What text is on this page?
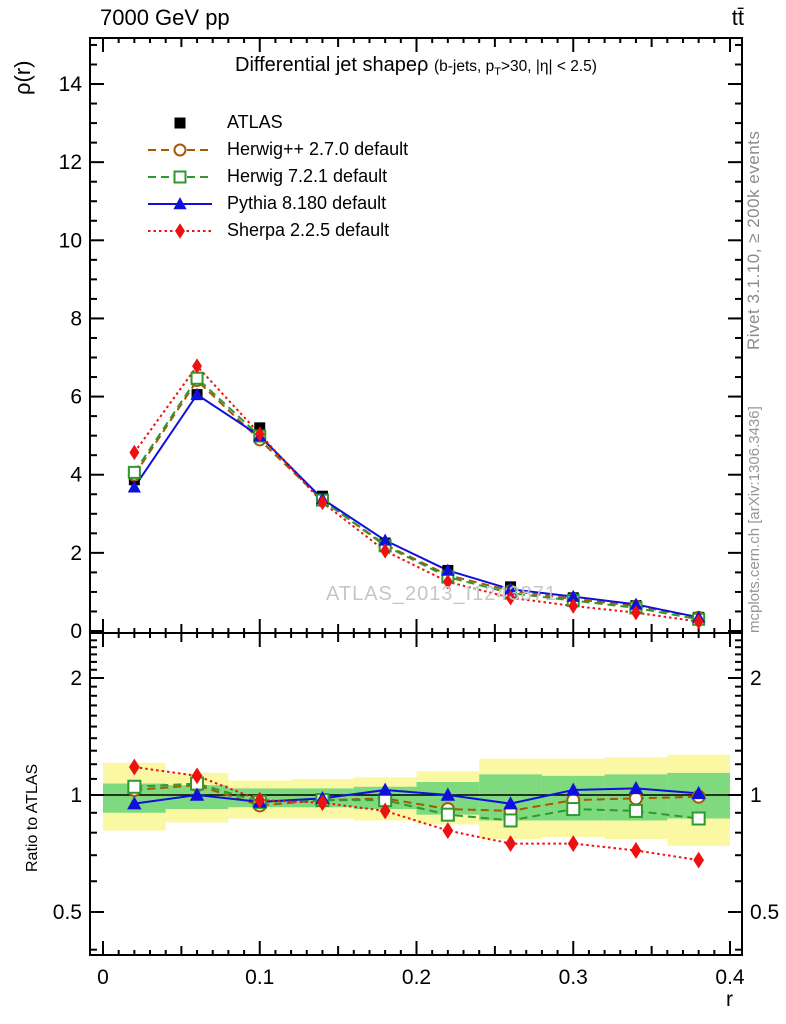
0
2
4
6
8
10
12
14
0.5	0.5
1	1
2	2
0	0.1	0.2	0.3	0.4
7000 GeV pp	tt̄
Differential jet shapeρ (b-jets, $p_T>30$, |η| < 2.5)
ATLAS
Herwig++ 2.7.0 default
Herwig 7.2.1 default
Pythia 8.180 default
Sherpa 2.2.5 default
ATLAS_2013_I1243871
ρ(r)
Ratio to ATLAS
r
Rivet 3.1.10, ≥ 200k events
mcplots.cern.ch [arXiv:1306.3436]
